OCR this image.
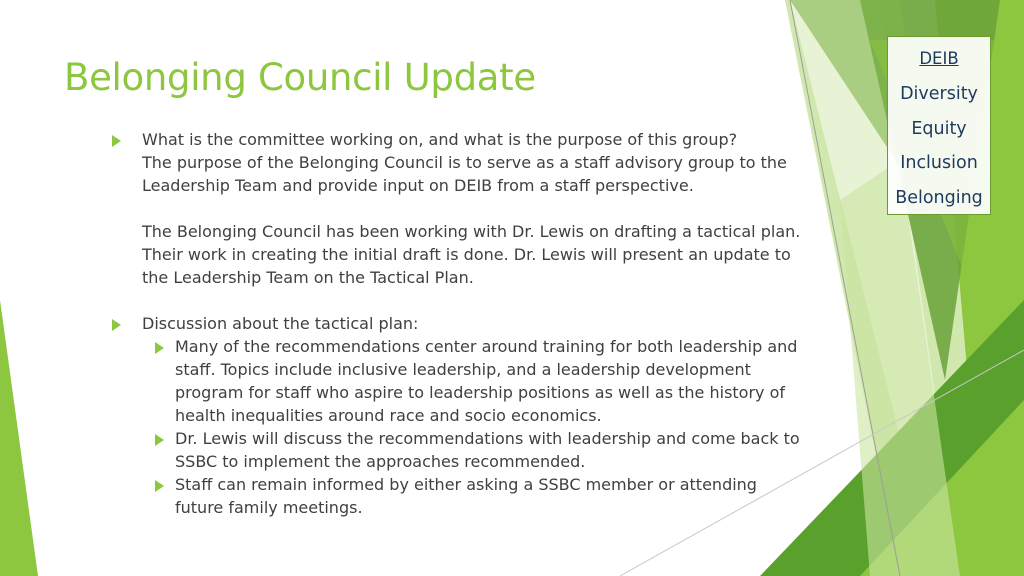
Belonging Council Update	DEIB
Diversity
Equity
Inclusion
Belonging
What is the committee working on, and what is the purpose of this group?
The purpose of the Belonging Council is to serve as a staff advisory group to the
Leadership Team and provide input on DEIB from a staff perspective.
The Belonging Council has been working with Dr. Lewis on drafting a tactical plan.
Their work in creating the initial draft is done. Dr. Lewis will present an update to
the Leadership Team on the Tactical Plan.
Discussion about the tactical plan:
Many of the recommendations center around training for both leadership and
staff. Topics include inclusive leadership, and a leadership development
program for staff who aspire to leadership positions as well as the history of
health inequalities around race and socio economics.
Dr. Lewis will discuss the recommendations with leadership and come back to
SSBC to implement the approaches recommended.
Staff can remain informed by either asking a SSBC member or attending
future family meetings.
